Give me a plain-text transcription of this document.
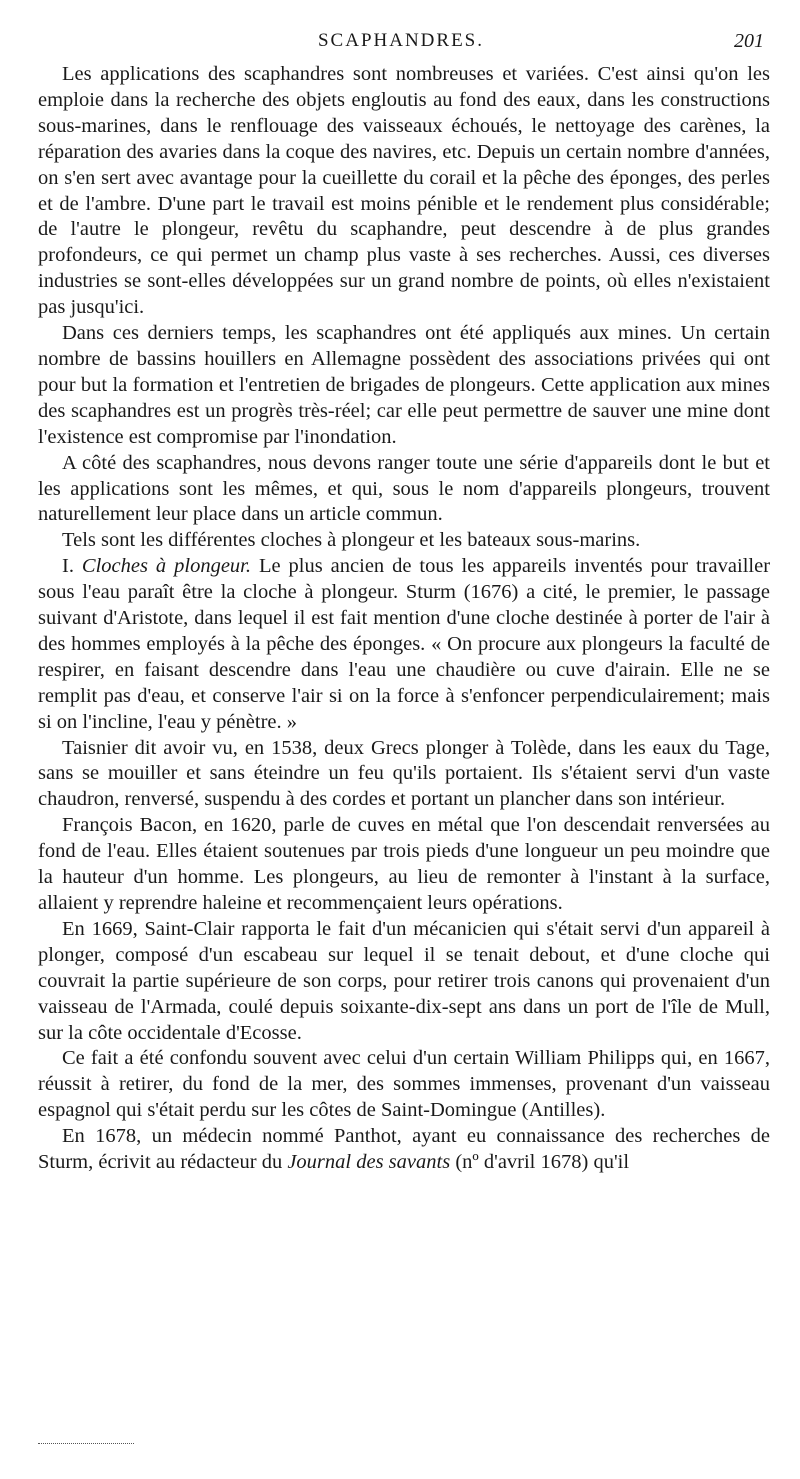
SCAPHANDRES.	201

Les applications des scaphandres sont nombreuses et variées. C'est ainsi qu'on les emploie dans la recherche des objets engloutis au fond des eaux, dans les constructions sous-marines, dans le renflouage des vaisseaux échoués, le nettoyage des carènes, la réparation des avaries dans la coque des navires, etc. Depuis un certain nombre d'années, on s'en sert avec avantage pour la cueillette du corail et la pêche des éponges, des perles et de l'ambre. D'une part le travail est moins pénible et le rendement plus considérable; de l'autre le plongeur, revêtu du scaphandre, peut descendre à de plus grandes profondeurs, ce qui permet un champ plus vaste à ses recherches. Aussi, ces diverses industries se sont-elles développées sur un grand nombre de points, où elles n'existaient pas jusqu'ici.

Dans ces derniers temps, les scaphandres ont été appliqués aux mines. Un certain nombre de bassins houillers en Allemagne possèdent des associations privées qui ont pour but la formation et l'entretien de brigades de plongeurs. Cette application aux mines des scaphandres est un progrès très-réel; car elle peut permettre de sauver une mine dont l'existence est compromise par l'inondation.

A côté des scaphandres, nous devons ranger toute une série d'appareils dont le but et les applications sont les mêmes, et qui, sous le nom d'appareils plongeurs, trouvent naturellement leur place dans un article commun.

Tels sont les différentes cloches à plongeur et les bateaux sous-marins.

I. Cloches à plongeur. Le plus ancien de tous les appareils inventés pour travailler sous l'eau paraît être la cloche à plongeur. Sturm (1676) a cité, le premier, le passage suivant d'Aristote, dans lequel il est fait mention d'une cloche destinée à porter de l'air à des hommes employés à la pêche des éponges. « On procure aux plongeurs la faculté de respirer, en faisant descendre dans l'eau une chaudière ou cuve d'airain. Elle ne se remplit pas d'eau, et conserve l'air si on la force à s'enfoncer perpendiculairement; mais si on l'incline, l'eau y pénètre. »

Taisnier dit avoir vu, en 1538, deux Grecs plonger à Tolède, dans les eaux du Tage, sans se mouiller et sans éteindre un feu qu'ils portaient. Ils s'étaient servi d'un vaste chaudron, renversé, suspendu à des cordes et portant un plancher dans son intérieur.

François Bacon, en 1620, parle de cuves en métal que l'on descendait renversées au fond de l'eau. Elles étaient soutenues par trois pieds d'une longueur un peu moindre que la hauteur d'un homme. Les plongeurs, au lieu de remonter à l'instant à la surface, allaient y reprendre haleine et recommençaient leurs opérations.

En 1669, Saint-Clair rapporta le fait d'un mécanicien qui s'était servi d'un appareil à plonger, composé d'un escabeau sur lequel il se tenait debout, et d'une cloche qui couvrait la partie supérieure de son corps, pour retirer trois canons qui provenaient d'un vaisseau de l'Armada, coulé depuis soixante-dix-sept ans dans un port de l'île de Mull, sur la côte occidentale d'Ecosse.

Ce fait a été confondu souvent avec celui d'un certain William Philipps qui, en 1667, réussit à retirer, du fond de la mer, des sommes immenses, provenant d'un vaisseau espagnol qui s'était perdu sur les côtes de Saint-Domingue (Antilles).

En 1678, un médecin nommé Panthot, ayant eu connaissance des recherches de Sturm, écrivit au rédacteur du Journal des savants (nº d'avril 1678) qu'il
